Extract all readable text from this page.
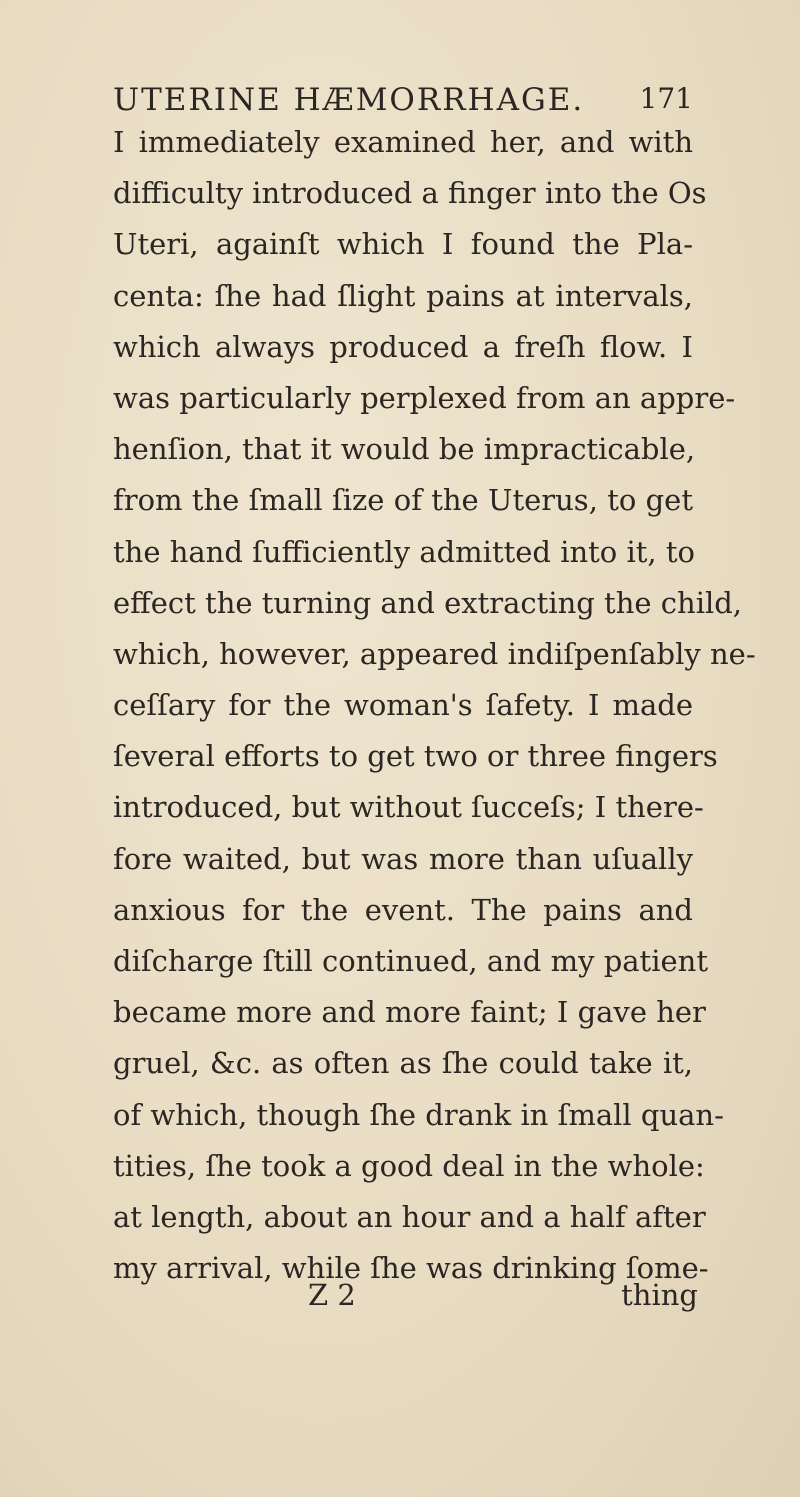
UTERINE HÆMORRHAGE. 171
I immediately examined her, and with
difficulty introduced a finger into the Os
Uteri, againſt which I found the Pla-
centa: ſhe had ſlight pains at intervals,
which always produced a freſh flow. I
was particularly perplexed from an appre-
henſion, that it would be impracticable,
from the ſmall ſize of the Uterus, to get
the hand ſufficiently admitted into it, to
effect the turning and extracting the child,
which, however, appeared indiſpenſably ne-
ceſſary for the woman's ſafety. I made
ſeveral efforts to get two or three fingers
introduced, but without ſucceſs; I there-
fore waited, but was more than uſually
anxious for the event. The pains and
diſcharge ſtill continued, and my patient
became more and more faint; I gave her
gruel, &c. as often as ſhe could take it,
of which, though ſhe drank in ſmall quan-
tities, ſhe took a good deal in the whole:
at length, about an hour and a half after
my arrival, while ſhe was drinking ſome-
Z 2	thing
